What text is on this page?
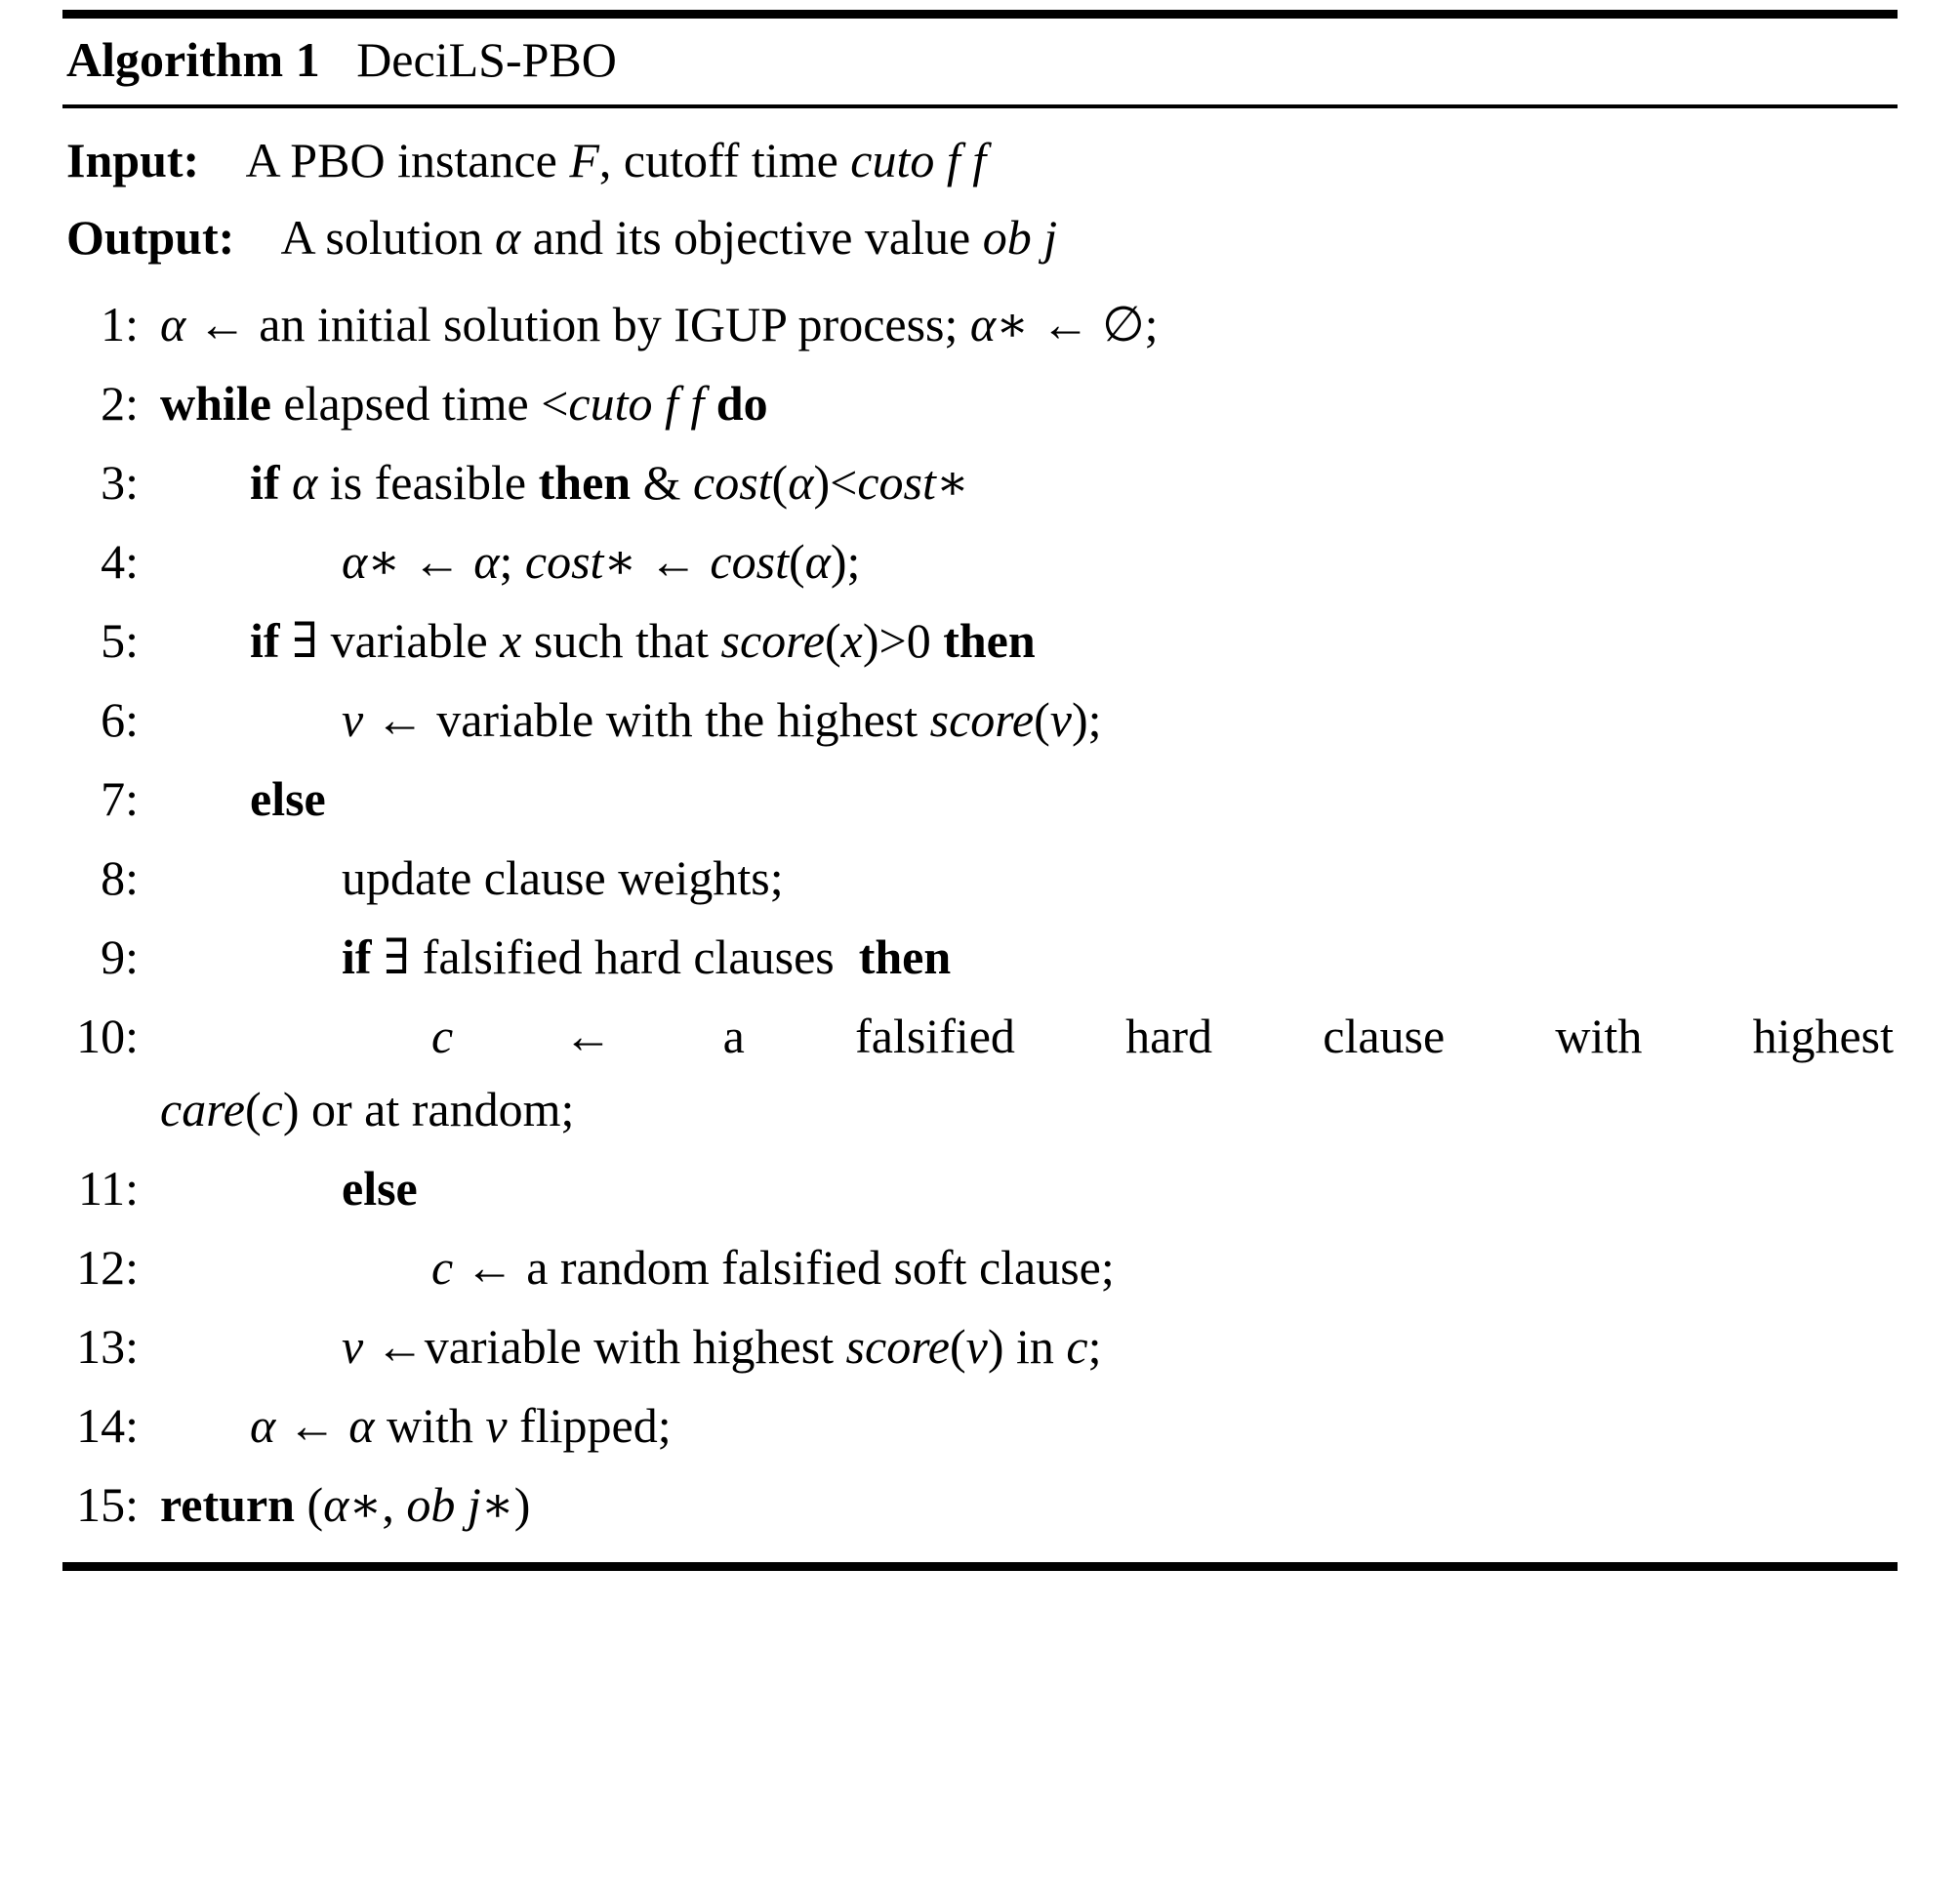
Algorithm 1 DeciLS-PBO
Input: A PBO instance F, cutoff time cuto f f
Output: A solution α and its objective value ob j
1: α ← an initial solution by IGUP process; α∗ ← ∅;
2: while elapsed time <cuto f f do
3:	if α is feasible then & cost(α)<cost∗
4:	α∗ ← α; cost∗ ← cost(α);
5:	if ∃ variable x such that score(x)>0 then
6:	v ← variable with the highest score(v);
7:	else
8:	update clause weights;
9:	if ∃ falsified hard clauses  then
10:	c ← a falsified hard clause with highest
care(c) or at random;
11:	else
12:	c ← a random falsified soft clause;
13:	v ←variable with highest score(v) in c;
14:	α ← α with v flipped;
15: return (α∗, ob j∗)
